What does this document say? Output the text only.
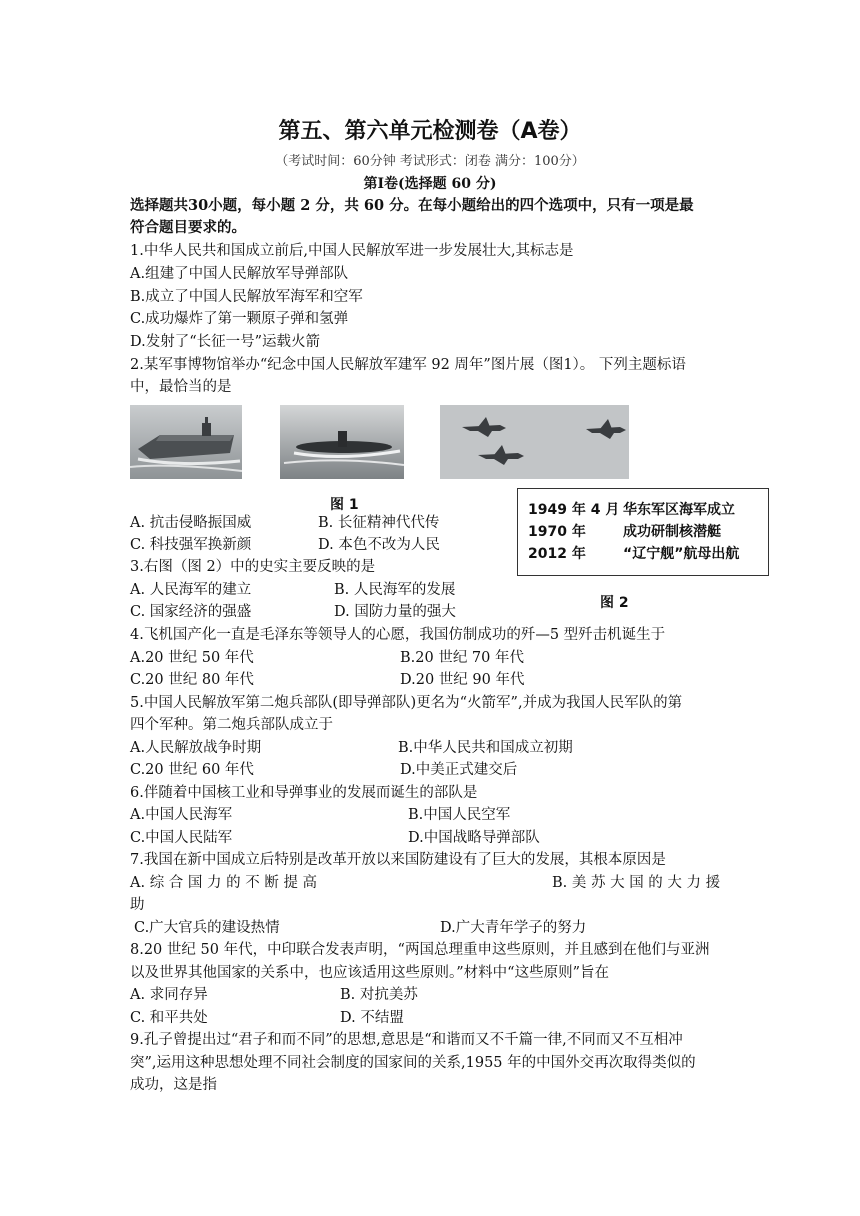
第五、第六单元检测卷（A卷）
（考试时间：60分钟 考试形式：闭卷 满分：100分）
第Ⅰ卷(选择题 60 分)
选择题共30小题，每小题 2 分，共 60 分。在每小题给出的四个选项中，只有一项是最
符合题目要求的。
1.中华人民共和国成立前后,中国人民解放军进一步发展壮大,其标志是
A.组建了中国人民解放军导弹部队
B.成立了中国人民解放军海军和空军
C.成功爆炸了第一颗原子弹和氢弹
D.发射了“长征一号”运载火箭
2.某军事博物馆举办“纪念中国人民解放军建军 92 周年”图片展（图1）。 下列主题标语
中，最恰当的是
图 1	1949 年 4 月 华东军区海军成立
1970 年	成功研制核潜艇
2012 年	“辽宁舰”航母出航
图 2
A. 抗击侵略振国威	B. 长征精神代代传
C. 科技强军换新颜	D. 本色不改为人民
3.右图（图 2）中的史实主要反映的是
A. 人民海军的建立	B. 人民海军的发展
C. 国家经济的强盛	D. 国防力量的强大
4.飞机国产化一直是毛泽东等领导人的心愿，我国仿制成功的歼—5 型歼击机诞生于
A.20 世纪 50 年代	B.20 世纪 70 年代
C.20 世纪 80 年代	D.20 世纪 90 年代
5.中国人民解放军第二炮兵部队(即导弹部队)更名为“火箭军”,并成为我国人民军队的第
四个军种。第二炮兵部队成立于
A.人民解放战争时期	B.中华人民共和国成立初期
C.20 世纪 60 年代	D.中美正式建交后
6.伴随着中国核工业和导弹事业的发展而诞生的部队是
A.中国人民海军	B.中国人民空军
C.中国人民陆军	D.中国战略导弹部队
7.我国在新中国成立后特别是改革开放以来国防建设有了巨大的发展，其根本原因是
A. 综 合 国 力 的 不 断 提 高	B. 美 苏 大 国 的 大 力 援
助
C.广大官兵的建设热情	D.广大青年学子的努力
8.20 世纪 50 年代，中印联合发表声明，“两国总理重申这些原则，并且感到在他们与亚洲
以及世界其他国家的关系中，也应该适用这些原则。”材料中“这些原则”旨在
A. 求同存异	B. 对抗美苏
C. 和平共处	D. 不结盟
9.孔子曾提出过“君子和而不同”的思想,意思是“和谐而又不千篇一律,不同而又不互相冲
突”,运用这种思想处理不同社会制度的国家间的关系,1955 年的中国外交再次取得类似的
成功，这是指
